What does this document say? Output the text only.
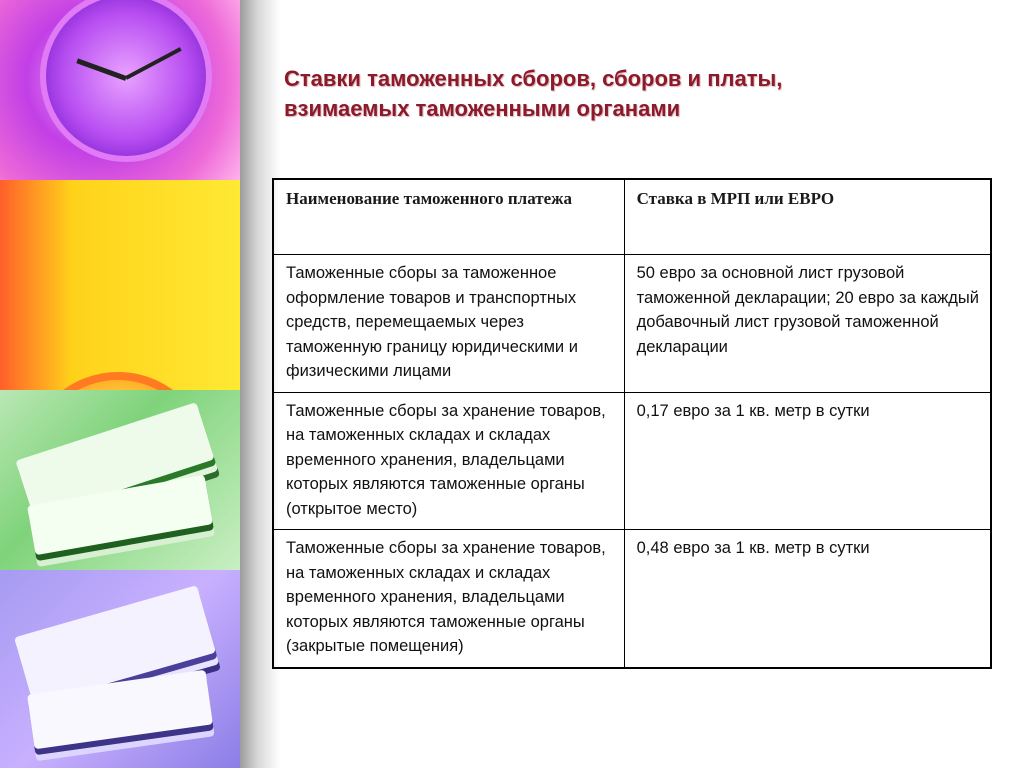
Ставки таможенных сборов, сборов и платы,
взимаемых таможенными органами
Наименование таможенного платежа	Ставка в МРП или ЕВРО
Таможенные сборы за таможенное оформление товаров и транспортных средств, перемещаемых через таможенную границу юридическими и физическими лицами	50 евро за основной лист грузовой таможенной декларации; 20 евро за каждый добавочный лист грузовой таможенной декларации
Таможенные сборы за хранение товаров, на таможенных складах и складах временного хранения, владельцами которых являются таможенные органы (открытое место)	0,17 евро за 1 кв. метр в сутки
Таможенные сборы за хранение товаров, на таможенных складах и складах временного хранения, владельцами которых являются таможенные органы (закрытые помещения)	0,48 евро за 1 кв. метр в сутки
